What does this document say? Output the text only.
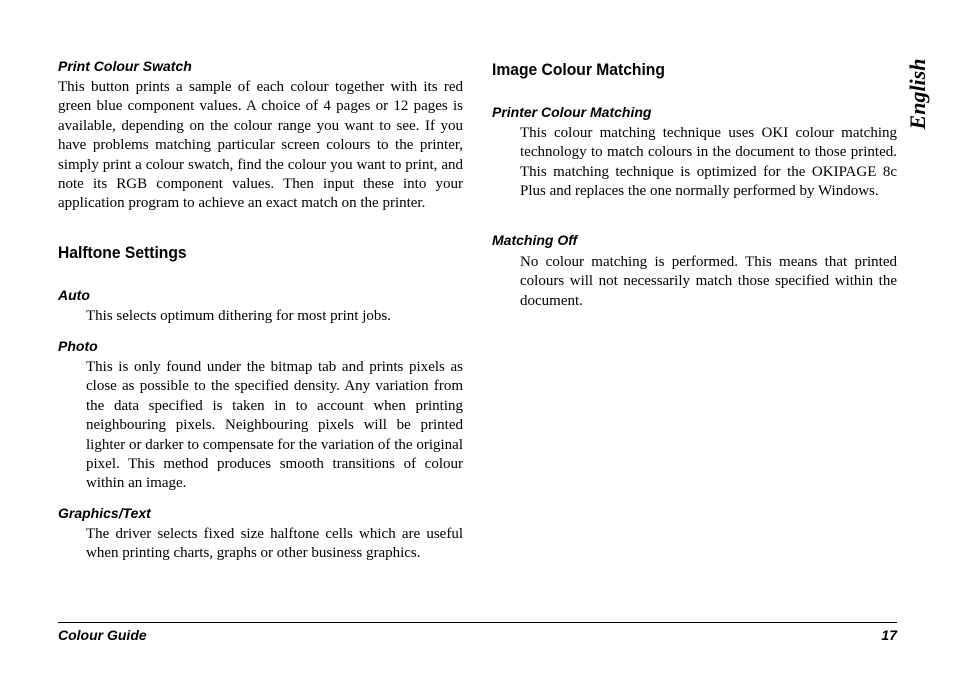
Print Colour Swatch

This button prints a sample of each colour together with its red green blue component values. A choice of 4 pages or 12 pages is available, depending on the colour range you want to see. If you have problems matching particular screen colours to the printer, simply print a colour swatch, find the colour you want to print, and note its RGB component values. Then input these into your application program to achieve an exact match on the printer.

Halftone Settings
Auto

This selects optimum dithering for most print jobs.

Photo

This is only found under the bitmap tab and prints pixels as close as possible to the specified density. Any variation from the data specified is taken in to account when printing neighbouring pixels. Neighbouring pixels will be printed lighter or darker to compensate for the variation of the original pixel. This method produces smooth transitions of colour within an image.

Graphics/Text

The driver selects fixed size halftone cells which are useful when printing charts, graphs or other business graphics.

Image Colour Matching
Printer Colour Matching

This colour matching technique uses OKI colour matching technology to match colours in the document to those printed. This matching technique is optimized for the OKIPAGE 8c Plus and replaces the one normally performed by Windows.

Matching Off

No colour matching is performed. This means that printed colours will not necessarily match those specified within the document.

English
Colour Guide	17
